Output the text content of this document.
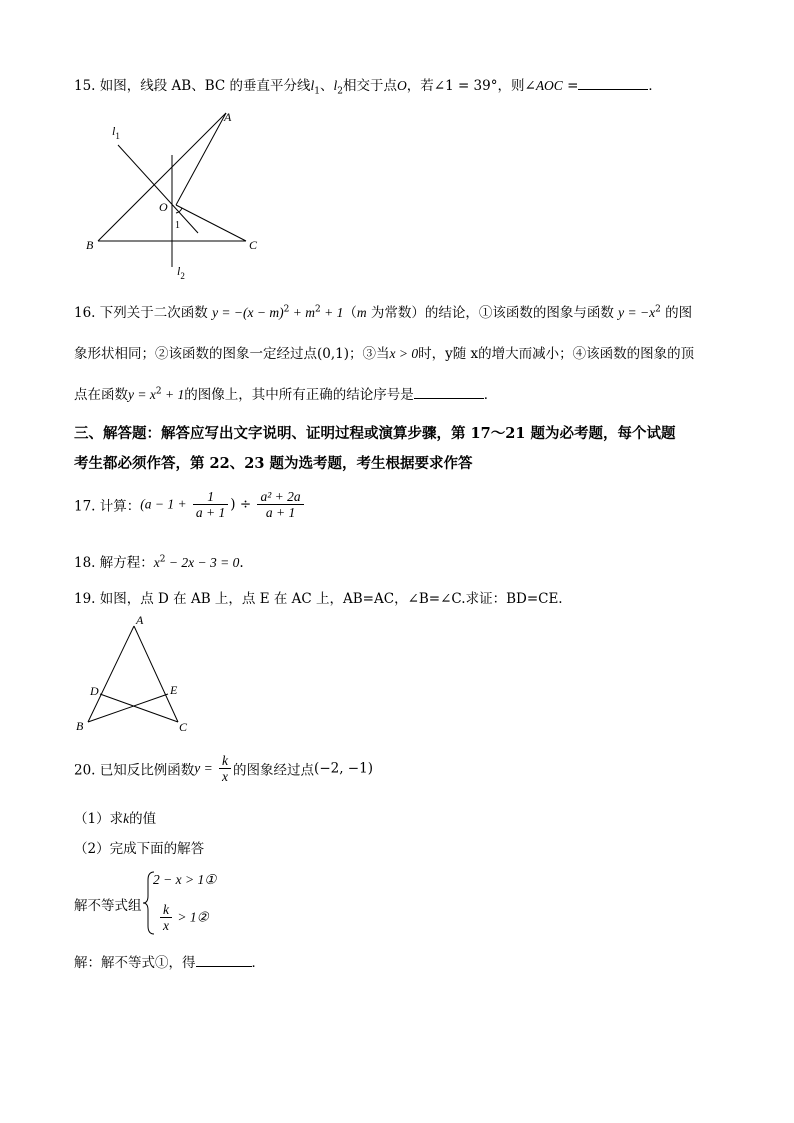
15. 如图，线段 AB、BC 的垂直平分线$l_1$、$l_2$相交于点O，若∠1 = 39°，则∠AOC =	．
A
B	C
O
1
$l_1$
$l_2$
16. 下列关于二次函数 $y = -(x - m)^2 + m^2 + 1(m$ 为常数）的结论，①该函数的图象与函数 $y = -x^2$ 的图
象形状相同；②该函数的图象一定经过点(0,1)；③当x > 0时，y随 x的增大而减小；④该函数的图象的顶
点在函数$y = x^2 + 1$的图像上，其中所有正确的结论序号是	．
三、解答题：解答应写出文字说明、证明过程或演算步骤，第 17～21 题为必考题，每个试题
考生都必须作答，第 22、23 题为选考题，考生根据要求作答
17. 计算：($a - 1 + \frac{1}{a + 1}$ ) ÷ $\frac{\text{a² + 2a}}{a + 1}$
18. 解方程：$x^2 - 2x - 3 = 0$.
19. 如图，点 D 在 AB 上，点 E 在 AC 上，AB=AC，∠B=∠C.求证：BD=CE.
A
B	C
D	E
20. 已知反比例函数$y = \frac{k}{x}$ 的图象经过点(−2, −1)
（1）求k的值
（2）完成下面的解答
解不等式组
2 − x > 1①
$\frac{k}{x}$ > 1②
解：解不等式①，得	．
